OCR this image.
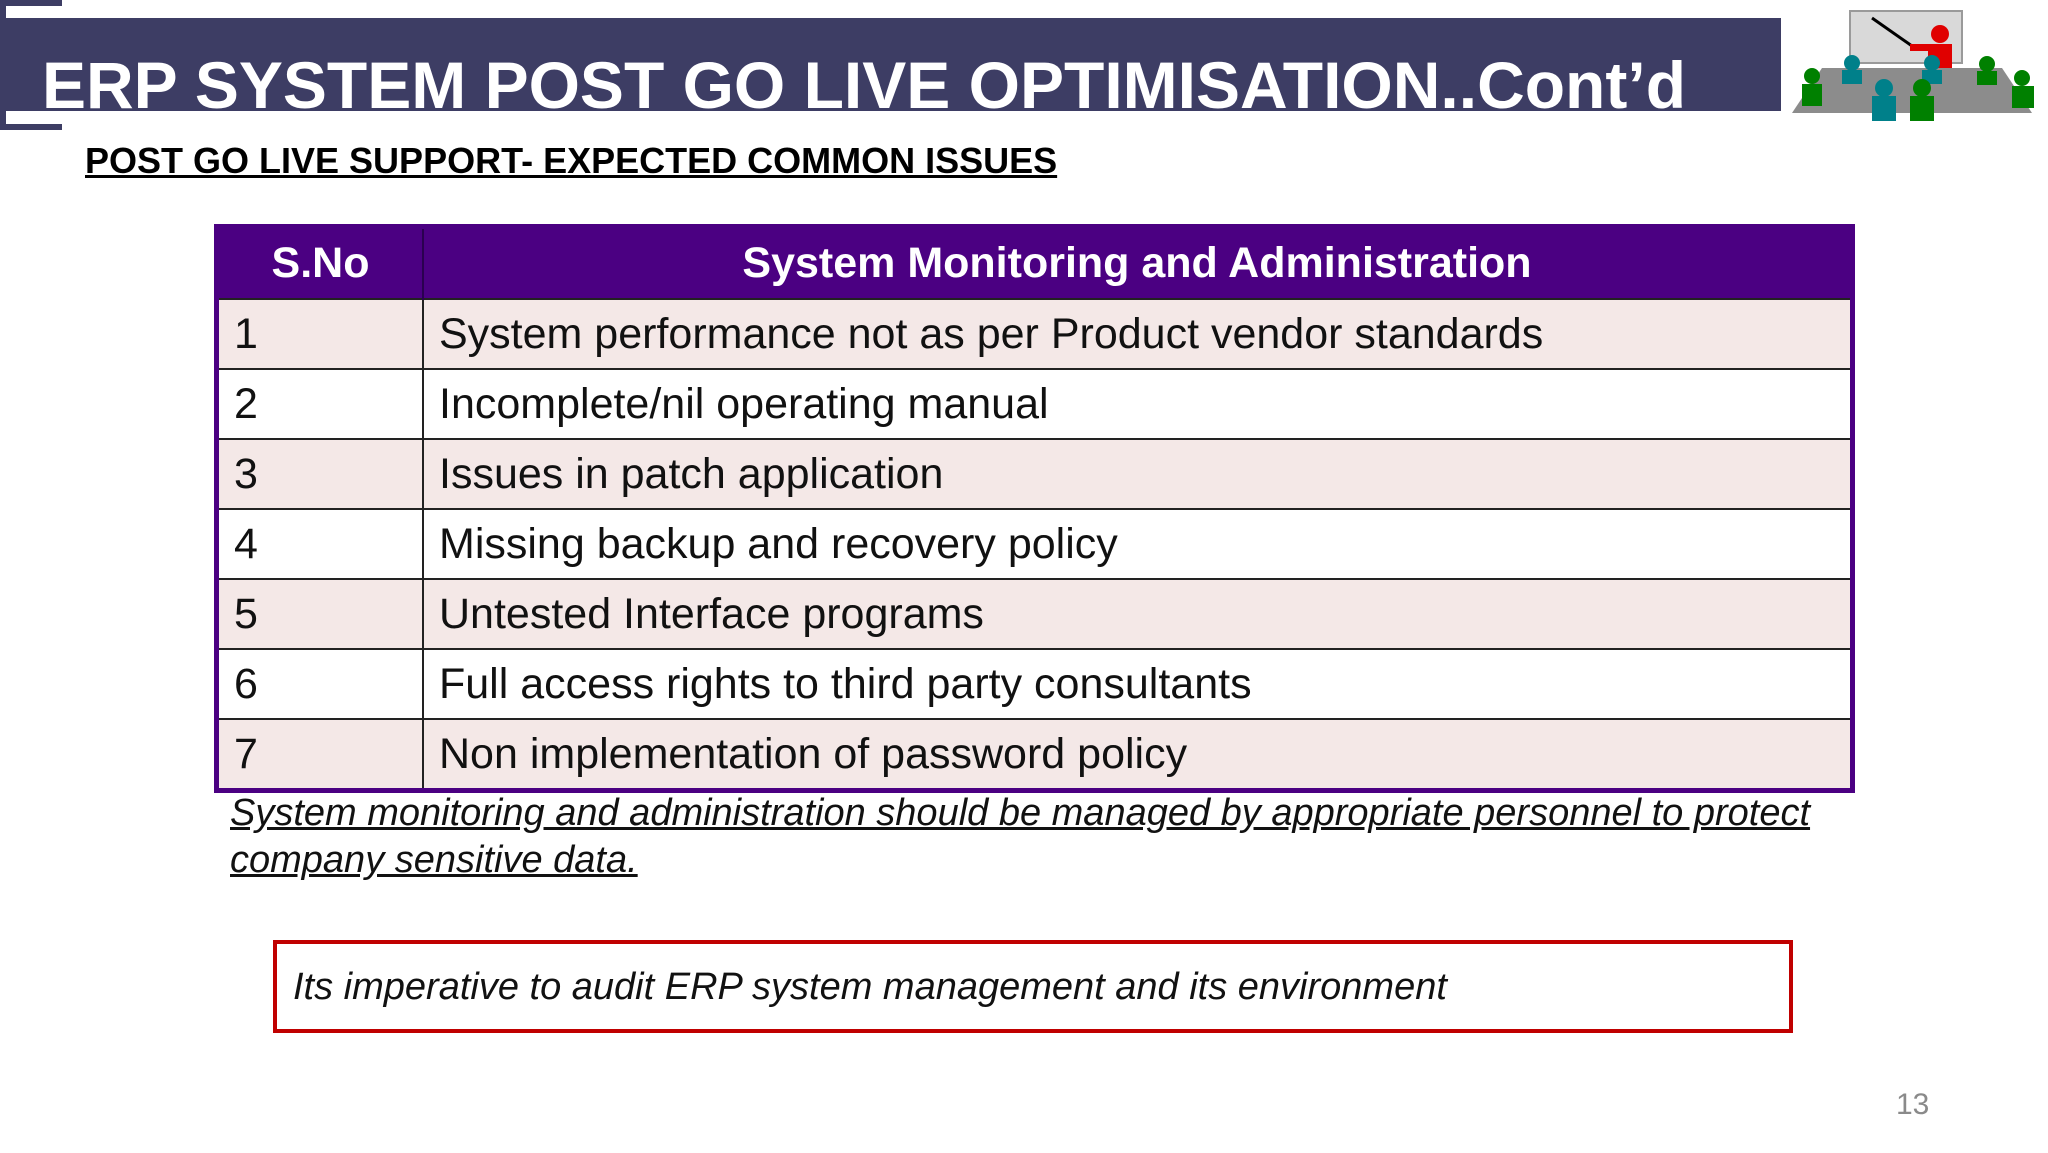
ERP SYSTEM POST GO LIVE OPTIMISATION..Cont’d
POST GO LIVE SUPPORT- EXPECTED COMMON ISSUES
S.No	System Monitoring and Administration
1	System performance not as per Product vendor standards
2	Incomplete/nil operating manual
3	Issues in patch application
4	Missing backup and recovery policy
5	Untested Interface programs
6	Full access rights to third party consultants
7	Non implementation of password policy
System monitoring and administration should be managed by appropriate personnel to protect company sensitive data.
Its imperative to audit ERP system management and its environment
13
